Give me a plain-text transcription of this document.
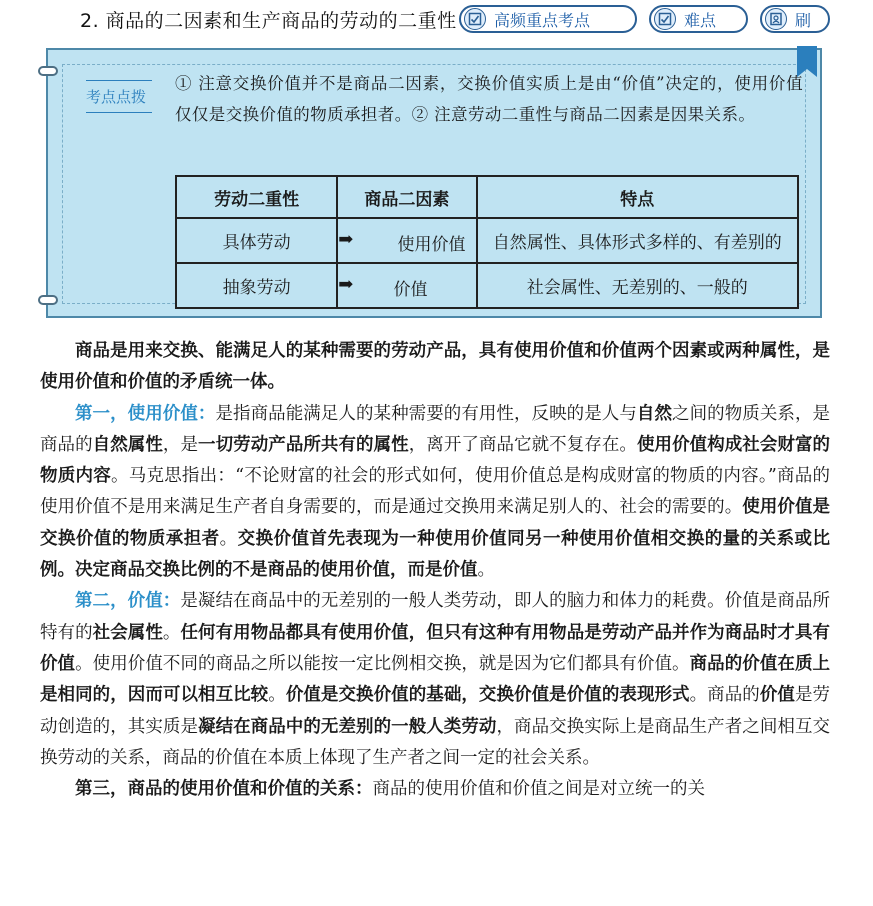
2. 商品的二因素和生产商品的劳动的二重性 高频重点考点	难点	刷
考点点拨
① 注意交换价值并不是商品二因素，交换价值实质上是由“价值”决定的，使用价值仅仅是交换价值的物质承担者。② 注意劳动二重性与商品二因素是因果关系。
劳动二重性	商品二因素	特点
具体劳动	➡ 使用价值	自然属性、具体形式多样的、有差别的
抽象劳动	➡ 价值	社会属性、无差别的、一般的

商品是用来交换、能满足人的某种需要的劳动产品，具有使用价值和价值两个因素或两种属性，是使用价值和价值的矛盾统一体。

第一，使用价值：是指商品能满足人的某种需要的有用性，反映的是人与自然之间的物质关系，是商品的自然属性，是一切劳动产品所共有的属性，离开了商品它就不复存在。使用价值构成社会财富的物质内容。马克思指出：“不论财富的社会的形式如何，使用价值总是构成财富的物质的内容。”商品的使用价值不是用来满足生产者自身需要的，而是通过交换用来满足别人的、社会的需要的。使用价值是交换价值的物质承担者。交换价值首先表现为一种使用价值同另一种使用价值相交换的量的关系或比例。决定商品交换比例的不是商品的使用价值，而是价值。

第二，价值：是凝结在商品中的无差别的一般人类劳动，即人的脑力和体力的耗费。价值是商品所特有的社会属性。任何有用物品都具有使用价值，但只有这种有用物品是劳动产品并作为商品时才具有价值。使用价值不同的商品之所以能按一定比例相交换，就是因为它们都具有价值。商品的价值在质上是相同的，因而可以相互比较。价值是交换价值的基础，交换价值是价值的表现形式。商品的价值是劳动创造的，其实质是凝结在商品中的无差别的一般人类劳动，商品交换实际上是商品生产者之间相互交换劳动的关系，商品的价值在本质上体现了生产者之间一定的社会关系。

第三，商品的使用价值和价值的关系：商品的使用价值和价值之间是对立统一的关
